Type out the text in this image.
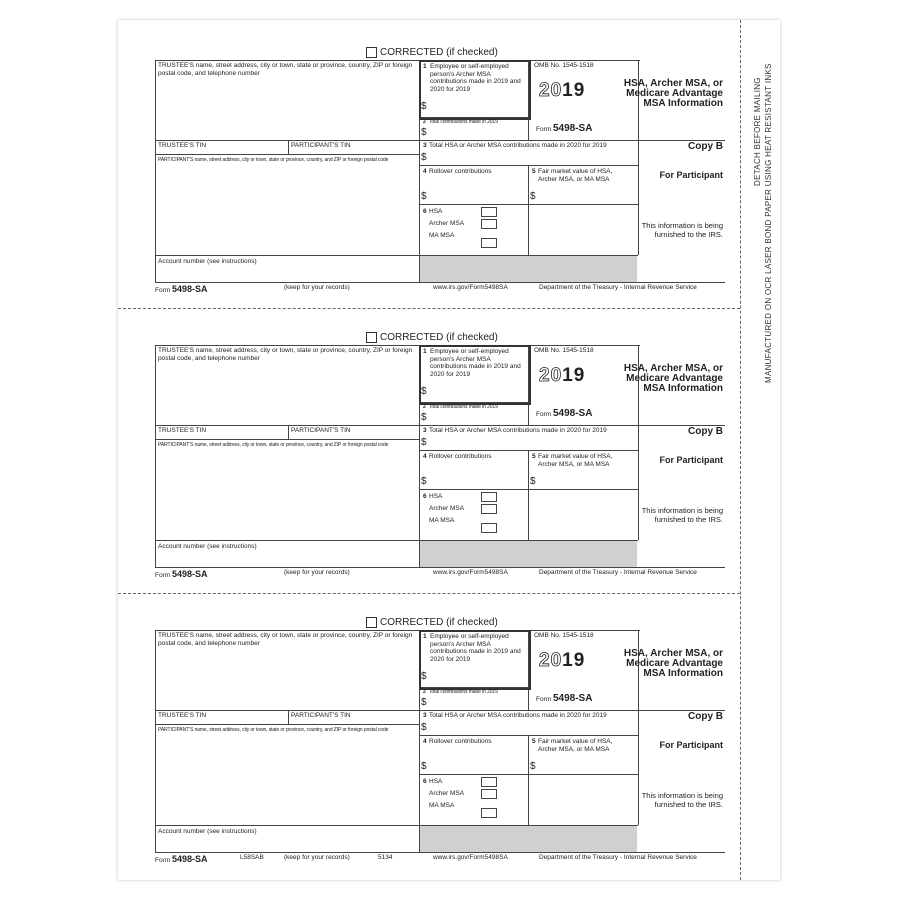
DETACH BEFORE MAILING MANUFACTURED ON OCR LASER BOND PAPER USING HEAT RESISTANT INKS
CORRECTED (if checked)
TRUSTEE'S name, street address, city or town, state or province, country, ZIP or foreign postal code, and telephone number
TRUSTEE'S TIN	PARTICIPANT'S TIN
PARTICIPANT'S name, street address, city or town, state or province, country, and ZIP or foreign postal code
Account number (see instructions)
1 Employee or self-employed person's Archer MSA contributions made in 2019 and 2020 for 2019
$
2 Total contributions made in 2019
$
OMB No. 1545-1518
2019
Form 5498-SA
HSA, Archer MSA, or Medicare Advantage MSA Information
3 Total HSA or Archer MSA contributions made in 2020 for 2019
$
4 Rollover contributions
$
5 Fair market value of HSA, Archer MSA, or MA MSA
$
6 HSA
Archer MSA
MA MSA
Copy B
For Participant
This information is being furnished to the IRS.
Form 5498-SA	(keep for your records)	www.irs.gov/Form5498SA	Department of the Treasury - Internal Revenue Service
CORRECTED (if checked)
TRUSTEE'S name, street address, city or town, state or province, country, ZIP or foreign postal code, and telephone number
TRUSTEE'S TIN	PARTICIPANT'S TIN
PARTICIPANT'S name, street address, city or town, state or province, country, and ZIP or foreign postal code
Account number (see instructions)
1 Employee or self-employed person's Archer MSA contributions made in 2019 and 2020 for 2019
$
2 Total contributions made in 2019
$
OMB No. 1545-1518
2019
Form 5498-SA
HSA, Archer MSA, or Medicare Advantage MSA Information
3 Total HSA or Archer MSA contributions made in 2020 for 2019
$
4 Rollover contributions
$
5 Fair market value of HSA, Archer MSA, or MA MSA
$
6 HSA
Archer MSA
MA MSA
Copy B
For Participant
This information is being furnished to the IRS.
Form 5498-SA	(keep for your records)	www.irs.gov/Form5498SA	Department of the Treasury - Internal Revenue Service
CORRECTED (if checked)
TRUSTEE'S name, street address, city or town, state or province, country, ZIP or foreign postal code, and telephone number
TRUSTEE'S TIN	PARTICIPANT'S TIN
PARTICIPANT'S name, street address, city or town, state or province, country, and ZIP or foreign postal code
Account number (see instructions)
1 Employee or self-employed person's Archer MSA contributions made in 2019 and 2020 for 2019
$
2 Total contributions made in 2019
$
OMB No. 1545-1518
2019
Form 5498-SA
HSA, Archer MSA, or Medicare Advantage MSA Information
3 Total HSA or Archer MSA contributions made in 2020 for 2019
$
4 Rollover contributions
$
5 Fair market value of HSA, Archer MSA, or MA MSA
$
6 HSA
Archer MSA
MA MSA
Copy B
For Participant
This information is being furnished to the IRS.
Form 5498-SA	L58SAB	(keep for your records)	5134	www.irs.gov/Form5498SA	Department of the Treasury - Internal Revenue Service
